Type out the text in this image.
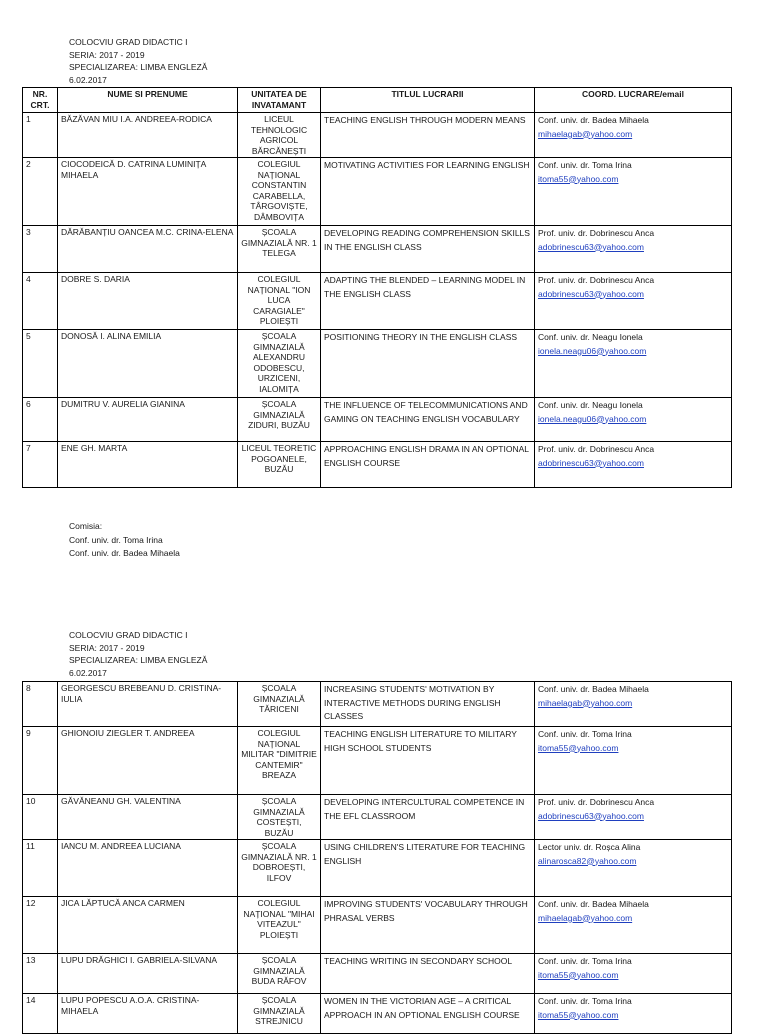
COLOCVIU GRAD DIDACTIC I
SERIA: 2017 - 2019
SPECIALIZAREA: LIMBA ENGLEZĂ
6.02.2017
NR. CRT.	NUME SI PRENUME	UNITATEA DE INVATAMANT	TITLUL LUCRARII	COORD. LUCRARE/email
1	BĂZĂVAN MIU I.A. ANDREEA-RODICA	LICEUL TEHNOLOGIC AGRICOL BĂRCĂNEȘTI	TEACHING ENGLISH THROUGH MODERN MEANS	Conf. univ. dr. Badea Mihaela
mihaelagab@yahoo.com

2	CIOCODEICĂ D. CATRINA LUMINIȚA MIHAELA	COLEGIUL NAȚIONAL CONSTANTIN CARABELLA, TÂRGOVIȘTE, DÂMBOVIȚA	MOTIVATING ACTIVITIES FOR LEARNING ENGLISH	Conf. univ. dr. Toma Irina
itoma55@yahoo.com

3	DĂRĂBANȚIU OANCEA M.C. CRINA-ELENA	ȘCOALA GIMNAZIALĂ NR. 1 TELEGA	DEVELOPING READING COMPREHENSION SKILLS IN THE ENGLISH CLASS	Prof. univ. dr. Dobrinescu Anca
adobrinescu63@yahoo.com

4	DOBRE S. DARIA	COLEGIUL NAȚIONAL "ION LUCA CARAGIALE" PLOIEȘTI	ADAPTING THE BLENDED – LEARNING MODEL IN THE ENGLISH CLASS	Prof. univ. dr. Dobrinescu Anca
adobrinescu63@yahoo.com

5	DONOSĂ I. ALINA EMILIA	ȘCOALA GIMNAZIALĂ ALEXANDRU ODOBESCU, URZICENI, IALOMIȚA	POSITIONING THEORY IN THE ENGLISH CLASS	Conf. univ. dr. Neagu Ionela
ionela.neagu06@yahoo.com

6	DUMITRU V. AURELIA GIANINA	ȘCOALA GIMNAZIALĂ ZIDURI, BUZĂU	THE INFLUENCE OF TELECOMMUNICATIONS AND GAMING ON TEACHING ENGLISH VOCABULARY	Conf. univ. dr. Neagu Ionela
ionela.neagu06@yahoo.com

7	ENE GH. MARTA	LICEUL TEORETIC POGOANELE, BUZĂU	APPROACHING ENGLISH DRAMA IN AN OPTIONAL ENGLISH COURSE	Prof. univ. dr. Dobrinescu Anca
adobrinescu63@yahoo.com
Comisia:
Conf. univ. dr. Toma Irina
Conf. univ. dr. Badea Mihaela
COLOCVIU GRAD DIDACTIC I
SERIA: 2017 - 2019
SPECIALIZAREA: LIMBA ENGLEZĂ
6.02.2017
8	GEORGESCU BREBEANU D. CRISTINA-IULIA	ȘCOALA GIMNAZIALĂ TĂRICENI	INCREASING STUDENTS' MOTIVATION BY INTERACTIVE METHODS DURING ENGLISH CLASSES	Conf. univ. dr. Badea Mihaela
mihaelagab@yahoo.com

9	GHIONOIU ZIEGLER T. ANDREEA	COLEGIUL NAȚIONAL MILITAR "DIMITRIE CANTEMIR" BREAZA	TEACHING ENGLISH LITERATURE TO MILITARY HIGH SCHOOL STUDENTS	Conf. univ. dr. Toma Irina
itoma55@yahoo.com

10	GĂVĂNEANU GH. VALENTINA	ȘCOALA GIMNAZIALĂ COSTEȘTI, BUZĂU	DEVELOPING INTERCULTURAL COMPETENCE IN THE EFL CLASSROOM	Prof. univ. dr. Dobrinescu Anca
adobrinescu63@yahoo.com

11	IANCU M. ANDREEA LUCIANA	ȘCOALA GIMNAZIALĂ NR. 1 DOBROEȘTI, ILFOV	USING CHILDREN'S LITERATURE FOR TEACHING ENGLISH	Lector univ. dr. Roșca Alina
alinarosca82@yahoo.com

12	JICA LĂPTUCĂ ANCA CARMEN	COLEGIUL NAȚIONAL "MIHAI VITEAZUL" PLOIEȘTI	IMPROVING STUDENTS' VOCABULARY THROUGH PHRASAL VERBS	Conf. univ. dr. Badea Mihaela
mihaelagab@yahoo.com

13	LUPU DRĂGHICI I. GABRIELA-SILVANA	ȘCOALA GIMNAZIALĂ BUDA RĂFOV	TEACHING WRITING IN SECONDARY SCHOOL	Conf. univ. dr. Toma Irina
itoma55@yahoo.com

14	LUPU POPESCU A.O.A. CRISTINA-MIHAELA	ȘCOALA GIMNAZIALĂ STREJNICU	WOMEN IN THE VICTORIAN AGE – A CRITICAL APPROACH IN AN OPTIONAL ENGLISH COURSE	Conf. univ. dr. Toma Irina
itoma55@yahoo.com
